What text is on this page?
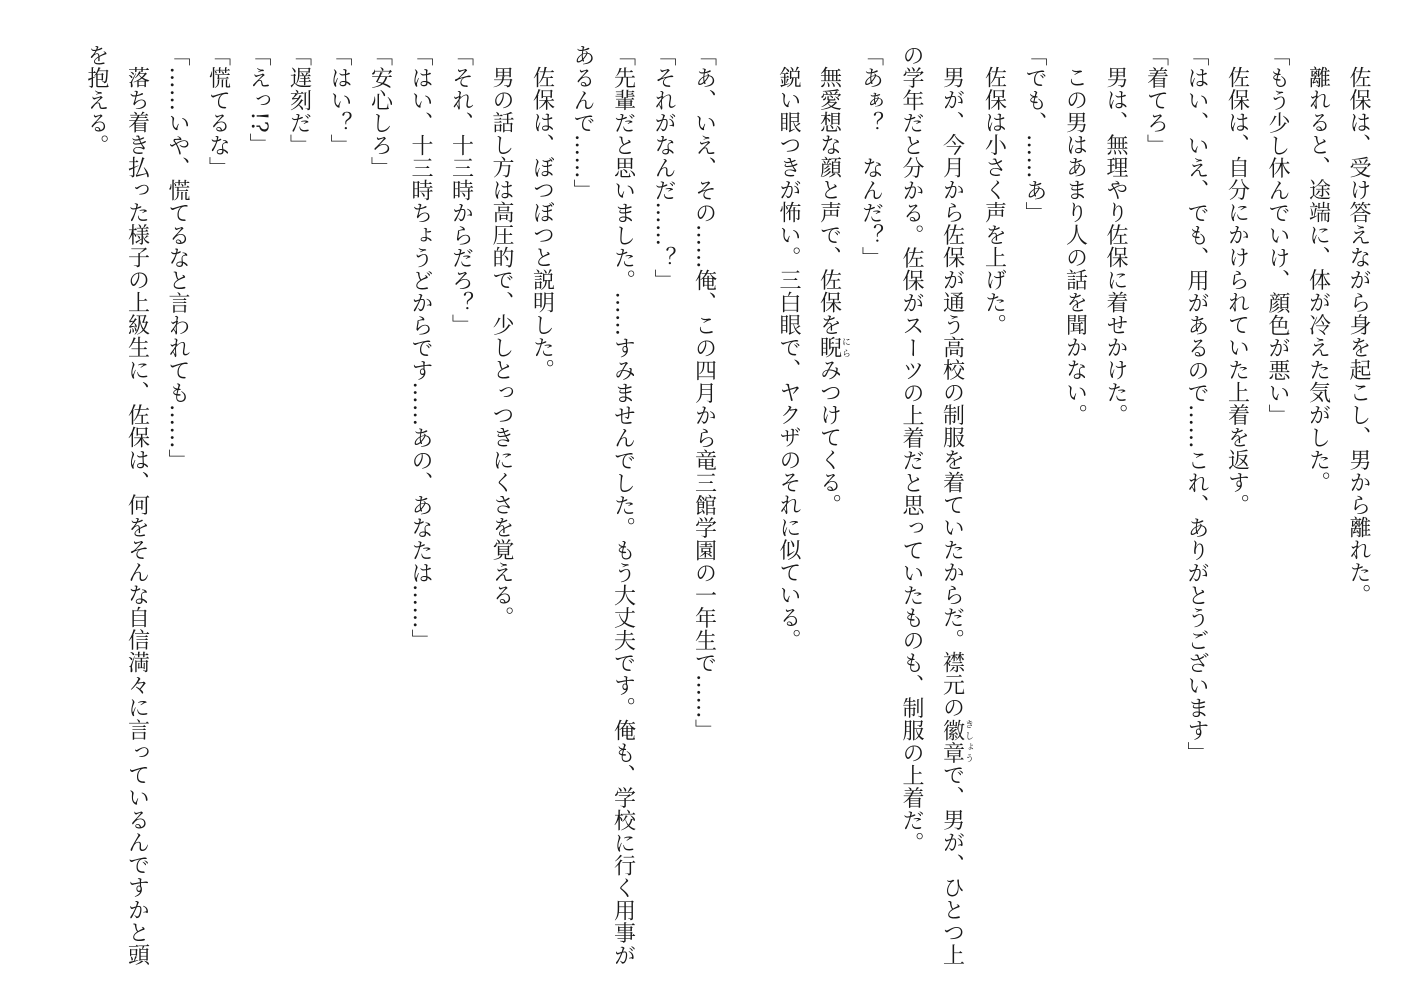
佐保は、受け答えながら身を起こし、男から離れた。

離れると、途端に、体が冷えた気がした。

「もう少し休んでいけ、顔色が悪い」

佐保は、自分にかけられていた上着を返す。

「はい、いえ、でも、用があるので……これ、ありがとうございます」

「着てろ」

男は、無理やり佐保に着せかけた。

この男はあまり人の話を聞かない。

「でも、……あ」

佐保は小さく声を上げた。

男が、今月から佐保が通う高校の制服を着ていたからだ。襟元の徽章きしょうで、男が、ひとつ上の学年だと分かる。佐保がスーツの上着だと思っていたものも、制服の上着だ。

「あぁ？　なんだ？」

無愛想な顔と声で、佐保を睨にらみつけてくる。

鋭い眼つきが怖い。三白眼で、ヤクザのそれに似ている。

「あ、いえ、その……俺、この四月から竜三館学園の一年生で……」

「それがなんだ……？」

「先輩だと思いました。……すみませんでした。もう大丈夫です。俺も、学校に行く用事があるんで……」

佐保は、ぼつぼつと説明した。

男の話し方は高圧的で、少しとっつきにくさを覚える。

「それ、十三時からだろ？」

「はい、十三時ちょうどからです……あの、あなたは……」

「安心しろ」

「はい？」

「遅刻だ」

「えっ!?」

「慌てるな」

「……いや、慌てるなと言われても……」

落ち着き払った様子の上級生に、佐保は、何をそんな自信満々に言っているんですかと頭を抱える。
